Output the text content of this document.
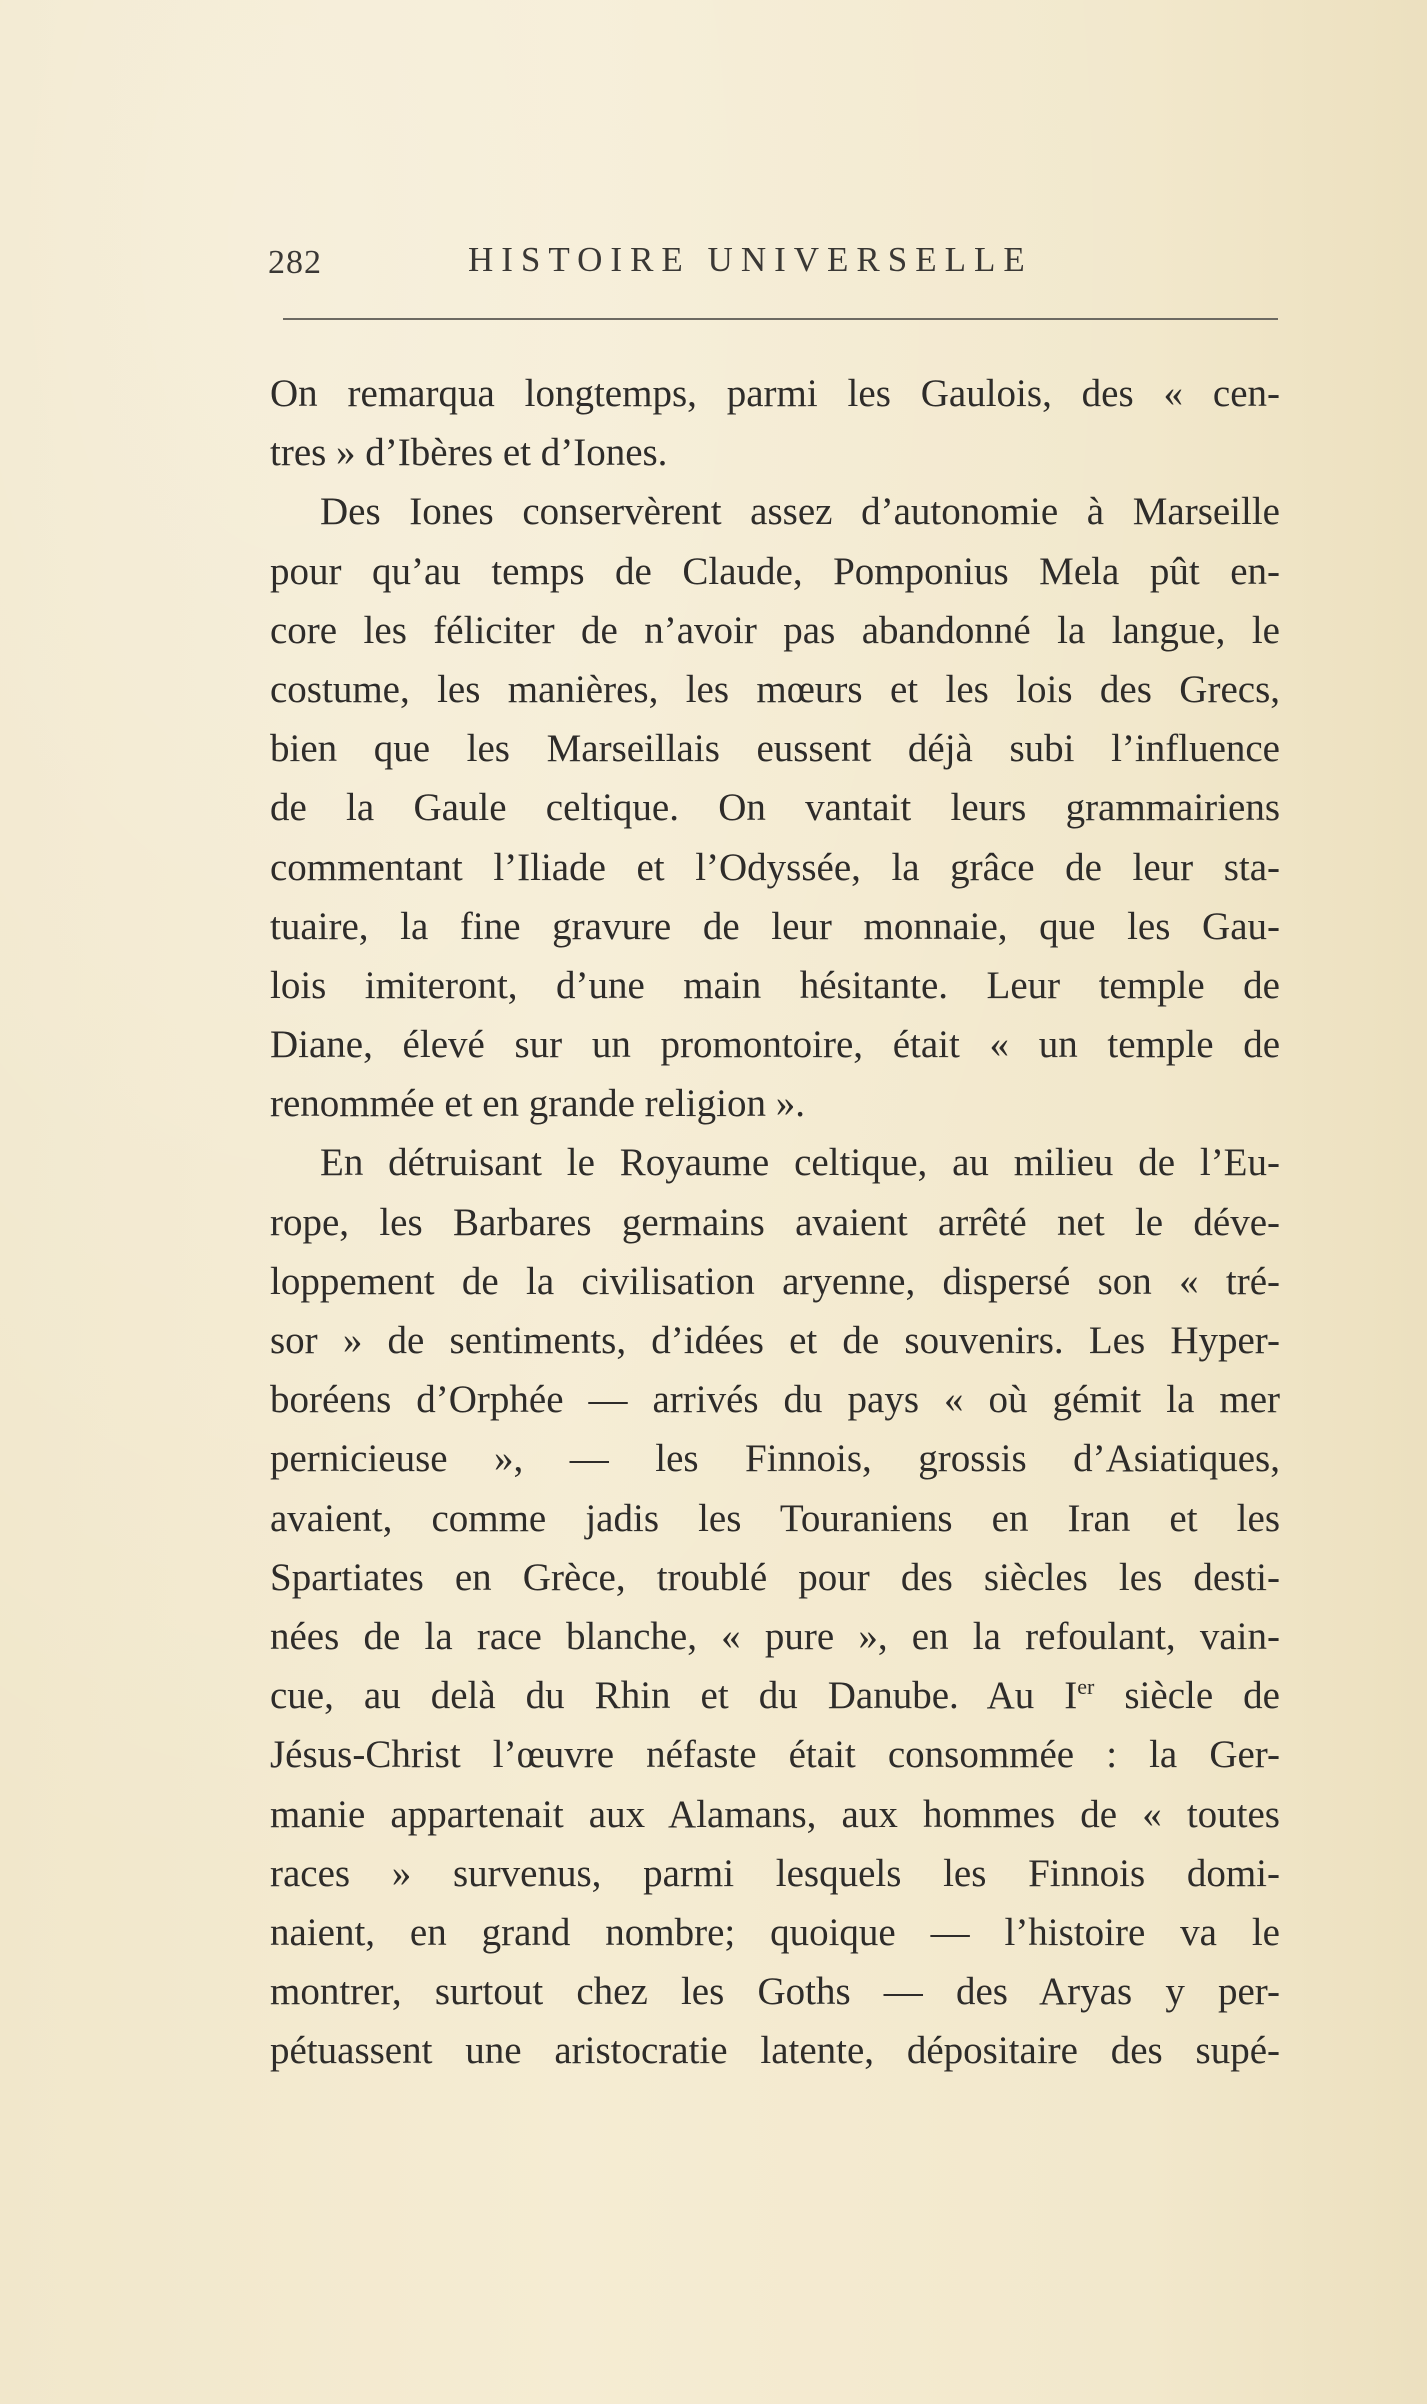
282	HISTOIRE UNIVERSELLE
On remarqua longtemps, parmi les Gaulois, des « cen-
tres » d’Ibères et d’Iones.
Des Iones conservèrent assez d’autonomie à Marseille
pour qu’au temps de Claude, Pomponius Mela pût en-
core les féliciter de n’avoir pas abandonné la langue, le
costume, les manières, les mœurs et les lois des Grecs,
bien que les Marseillais eussent déjà subi l’influence
de la Gaule celtique. On vantait leurs grammairiens
commentant l’Iliade et l’Odyssée, la grâce de leur sta-
tuaire, la fine gravure de leur monnaie, que les Gau-
lois imiteront, d’une main hésitante. Leur temple de
Diane, élevé sur un promontoire, était « un temple de
renommée et en grande religion ».
En détruisant le Royaume celtique, au milieu de l’Eu-
rope, les Barbares germains avaient arrêté net le déve-
loppement de la civilisation aryenne, dispersé son « tré-
sor » de sentiments, d’idées et de souvenirs. Les Hyper-
boréens d’Orphée — arrivés du pays « où gémit la mer
pernicieuse », — les Finnois, grossis d’Asiatiques,
avaient, comme jadis les Touraniens en Iran et les
Spartiates en Grèce, troublé pour des siècles les desti-
nées de la race blanche, « pure », en la refoulant, vain-
cue, au delà du Rhin et du Danube. Au Ier siècle de
Jésus-Christ l’œuvre néfaste était consommée : la Ger-
manie appartenait aux Alamans, aux hommes de « toutes
races » survenus, parmi lesquels les Finnois domi-
naient, en grand nombre; quoique — l’histoire va le
montrer, surtout chez les Goths — des Aryas y per-
pétuassent une aristocratie latente, dépositaire des supé-
